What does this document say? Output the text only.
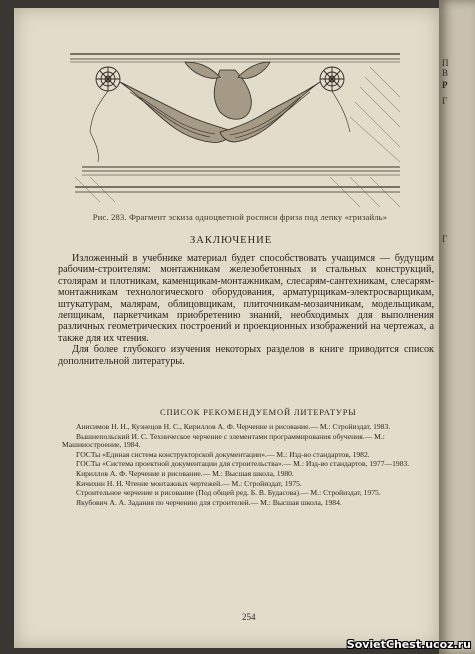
П
В
Р
Г
Г
Рис. 283. Фрагмент эскиза одноцветной росписи фриза под лепку «гризайль»
ЗАКЛЮЧЕНИЕ

Изложенный в учебнике материал будет способствовать учащимся — будущим рабочим-строителям: монтажникам железобетонных и стальных конструкций, столярам и плотникам, каменщикам-монтажникам, слесарям-сантехникам, слесарям-монтажникам технологического оборудования, арматурщикам-электросварщикам, штукатурам, малярам, облицовщикам, плиточникам-мозаичникам, модельщикам, лепщикам, паркетчикам приобретению знаний, необходимых для выполнения различных геометрических построений и проекционных изображений на чертежах, а также для их чтения.

Для более глубокого изучения некоторых разделов в книге приводится список дополнительной литературы.

СПИСОК РЕКОМЕНДУЕМОЙ ЛИТЕРАТУРЫ

Анисимов Н. Н., Кузнецов Н. С., Кириллов А. Ф. Черчение и рисование.— М.: Стройиздат, 1983.

Вышнепольский И. С. Техническое черчение с элементами программирования обучения.— М.: Машиностроение, 1984.

ГОСТы «Единая система конструкторской документации».— М.: Изд-во стандартов, 1982.

ГОСТы «Система проектной документации для строительства».— М.: Изд-во стандартов, 1977—1983.

Кириллов А. Ф. Черчение и рисование.— М.: Высшая школа, 1980.

Кичихин Н. Н. Чтение монтажных чертежей.— М.: Стройиздат, 1975.

Строительное черчение и рисование (Под общей ред. Б. В. Будасова).— М.: Стройиздат, 1975.

Якубович А. А. Задания по черчению для строителей.— М.: Высшая школа, 1984.

254
SovietChest.ucoz.ru
